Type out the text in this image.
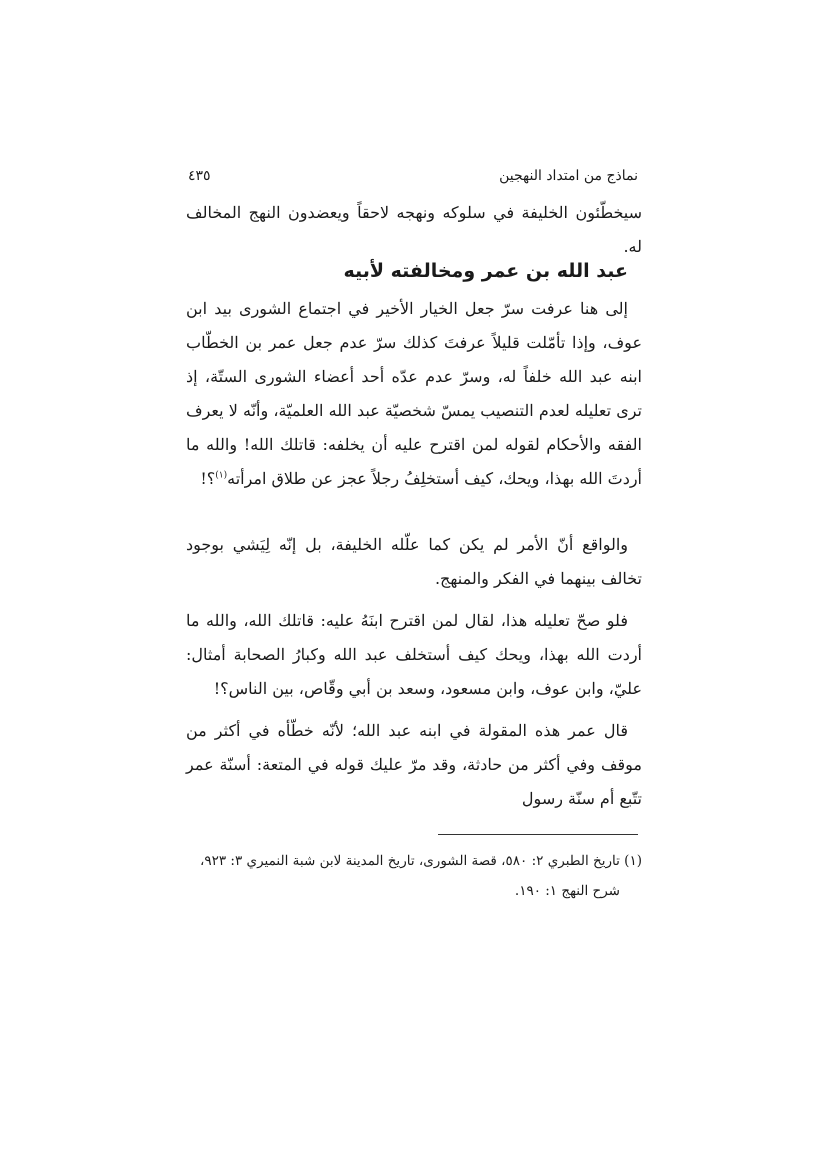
نماذج من امتداد النهجين
٤٣٥

سيخطّئون الخليفة في سلوكه ونهجه لاحقاً ويعضدون النهج المخالف له.

عبد الله بن عمر ومخالفته لأبيه

إلى هنا عرفت سرّ جعل الخيار الأخير في اجتماع الشورى بيد ابن عوف، وإذا تأمّلت قليلاً عرفتَ كذلك سرّ عدم جعل عمر بن الخطّاب ابنه عبد الله خلفاً له، وسرّ عدم عدّه أحد أعضاء الشورى الستّة، إذ ترى تعليله لعدم التنصيب يمسّ شخصيّة عبد الله العلميّة، وأنّه لا يعرف الفقه والأحكام لقوله لمن اقترح عليه أن يخلفه: قاتلك الله! والله ما أردتَ الله بهذا، ويحك، كيف أستخلِفُ رجلاً عجز عن طلاق امرأته$^{(١)}$؟!

والواقع أنّ الأمر لم يكن كما علّله الخليفة، بل إنّه لِيَشي بوجود تخالف بينهما في الفكر والمنهج.

فلو صحّ تعليله هذا، لقال لمن اقترح ابنَهُ عليه: قاتلك الله، والله ما أردت الله بهذا، ويحك كيف أستخلف عبد الله وكبارُ الصحابة أمثال: عليّ، وابن عوف، وابن مسعود، وسعد بن أبي وقّاص، بين الناس؟!

قال عمر هذه المقولة في ابنه عبد الله؛ لأنّه خطّأه في أكثر من موقف وفي أكثر من حادثة، وقد مرّ عليك قوله في المتعة: أسنّة عمر تتّبع أم سنّة رسول

(١) تاريخ الطبري ٢: ٥٨٠، قصة الشورى، تاريخ المدينة لابن شبة النميري ٣: ٩٢٣،
شرح النهج ١: ١٩٠.
